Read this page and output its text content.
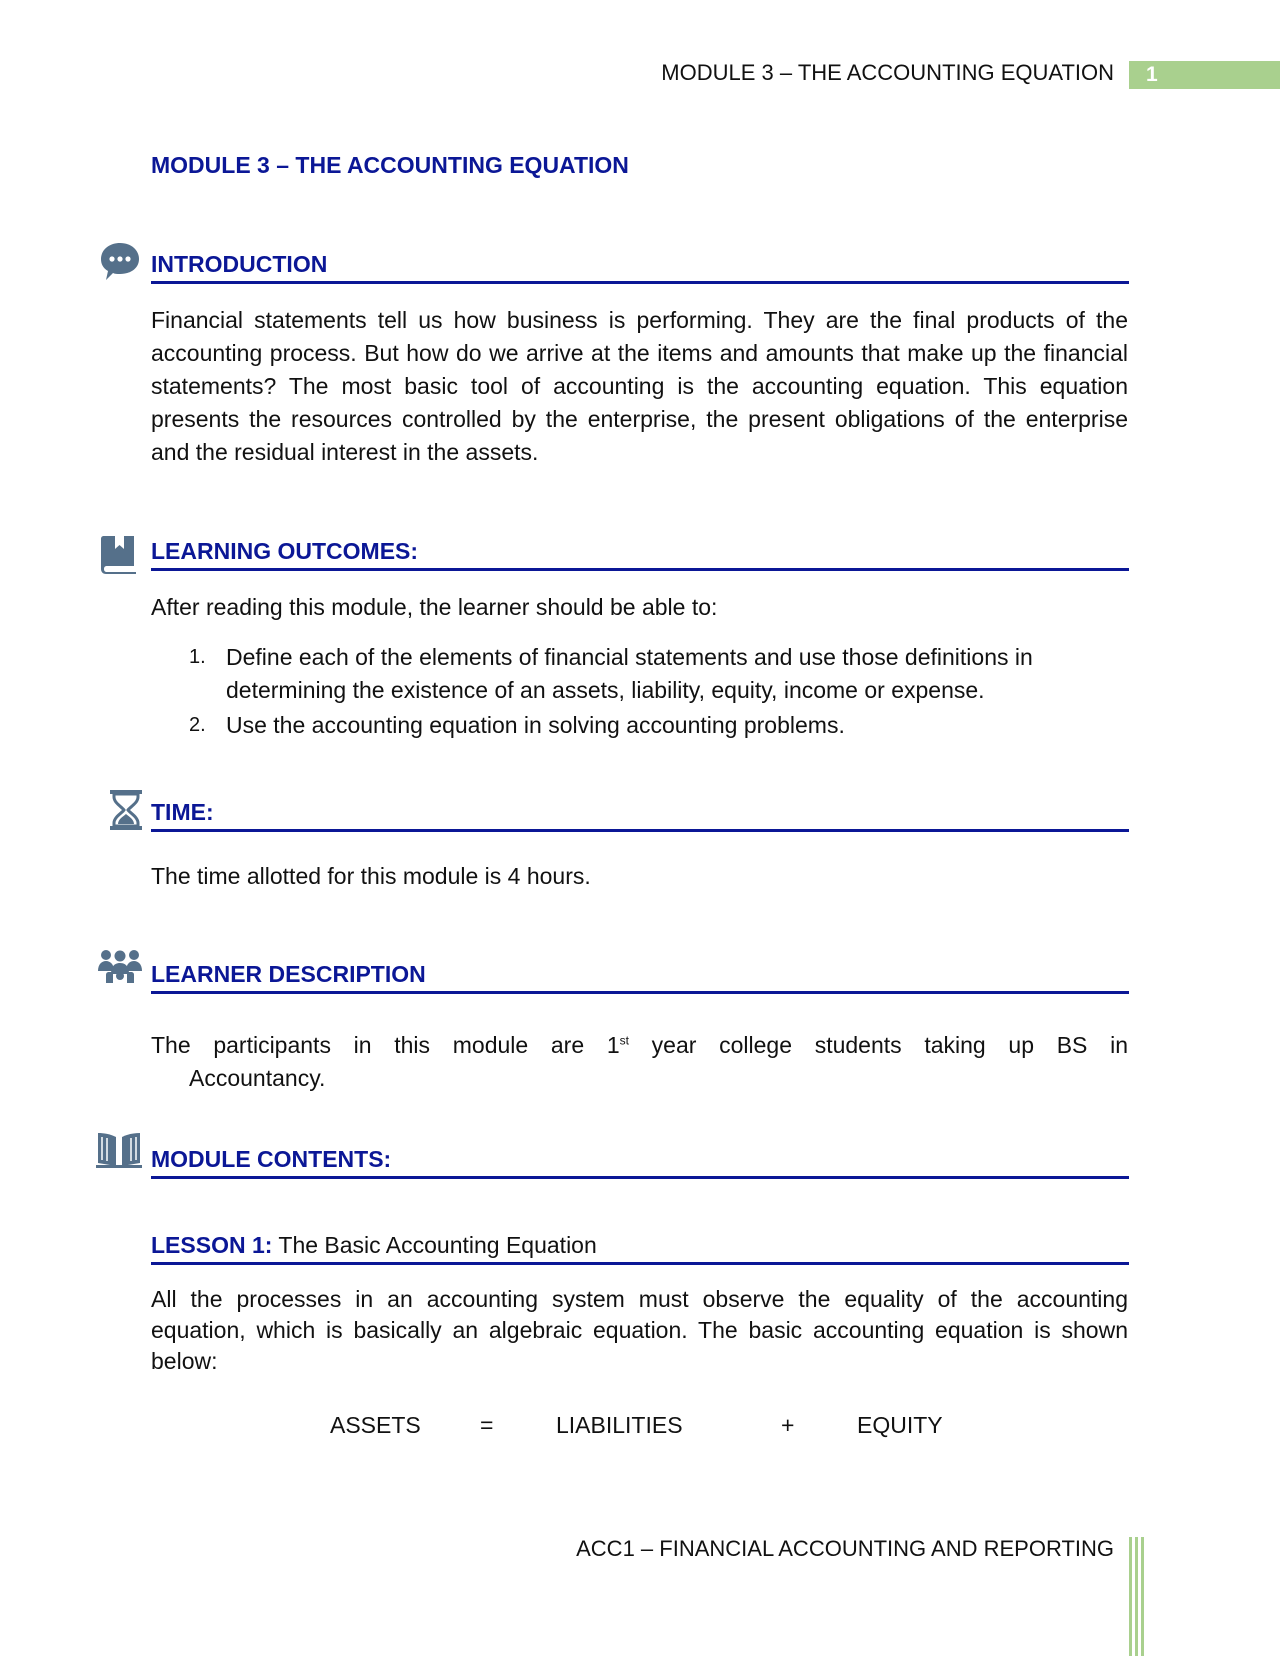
MODULE 3 – THE ACCOUNTING EQUATION	1
MODULE 3 – THE ACCOUNTING EQUATION
INTRODUCTION
Financial statements tell us how business is performing. They are the final products of the accounting process. But how do we arrive at the items and amounts that make up the financial statements? The most basic tool of accounting is the accounting equation. This equation presents the resources controlled by the enterprise, the present obligations of the enterprise and the residual interest in the assets.
LEARNING OUTCOMES:
After reading this module, the learner should be able to:
1. Define each of the elements of financial statements and use those definitions in determining the existence of an assets, liability, equity, income or expense.
2. Use the accounting equation in solving accounting problems.
TIME:
The time allotted for this module is 4 hours.
LEARNER DESCRIPTION
The participants in this module are 1st year college students taking up BS in
Accountancy.
MODULE CONTENTS:
LESSON 1: The Basic Accounting Equation
All the processes in an accounting system must observe the equality of the accounting equation, which is basically an algebraic equation. The basic accounting equation is shown below:
ASSETS	=	LIABILITIES	+	EQUITY
ACC1 – FINANCIAL ACCOUNTING AND REPORTING
